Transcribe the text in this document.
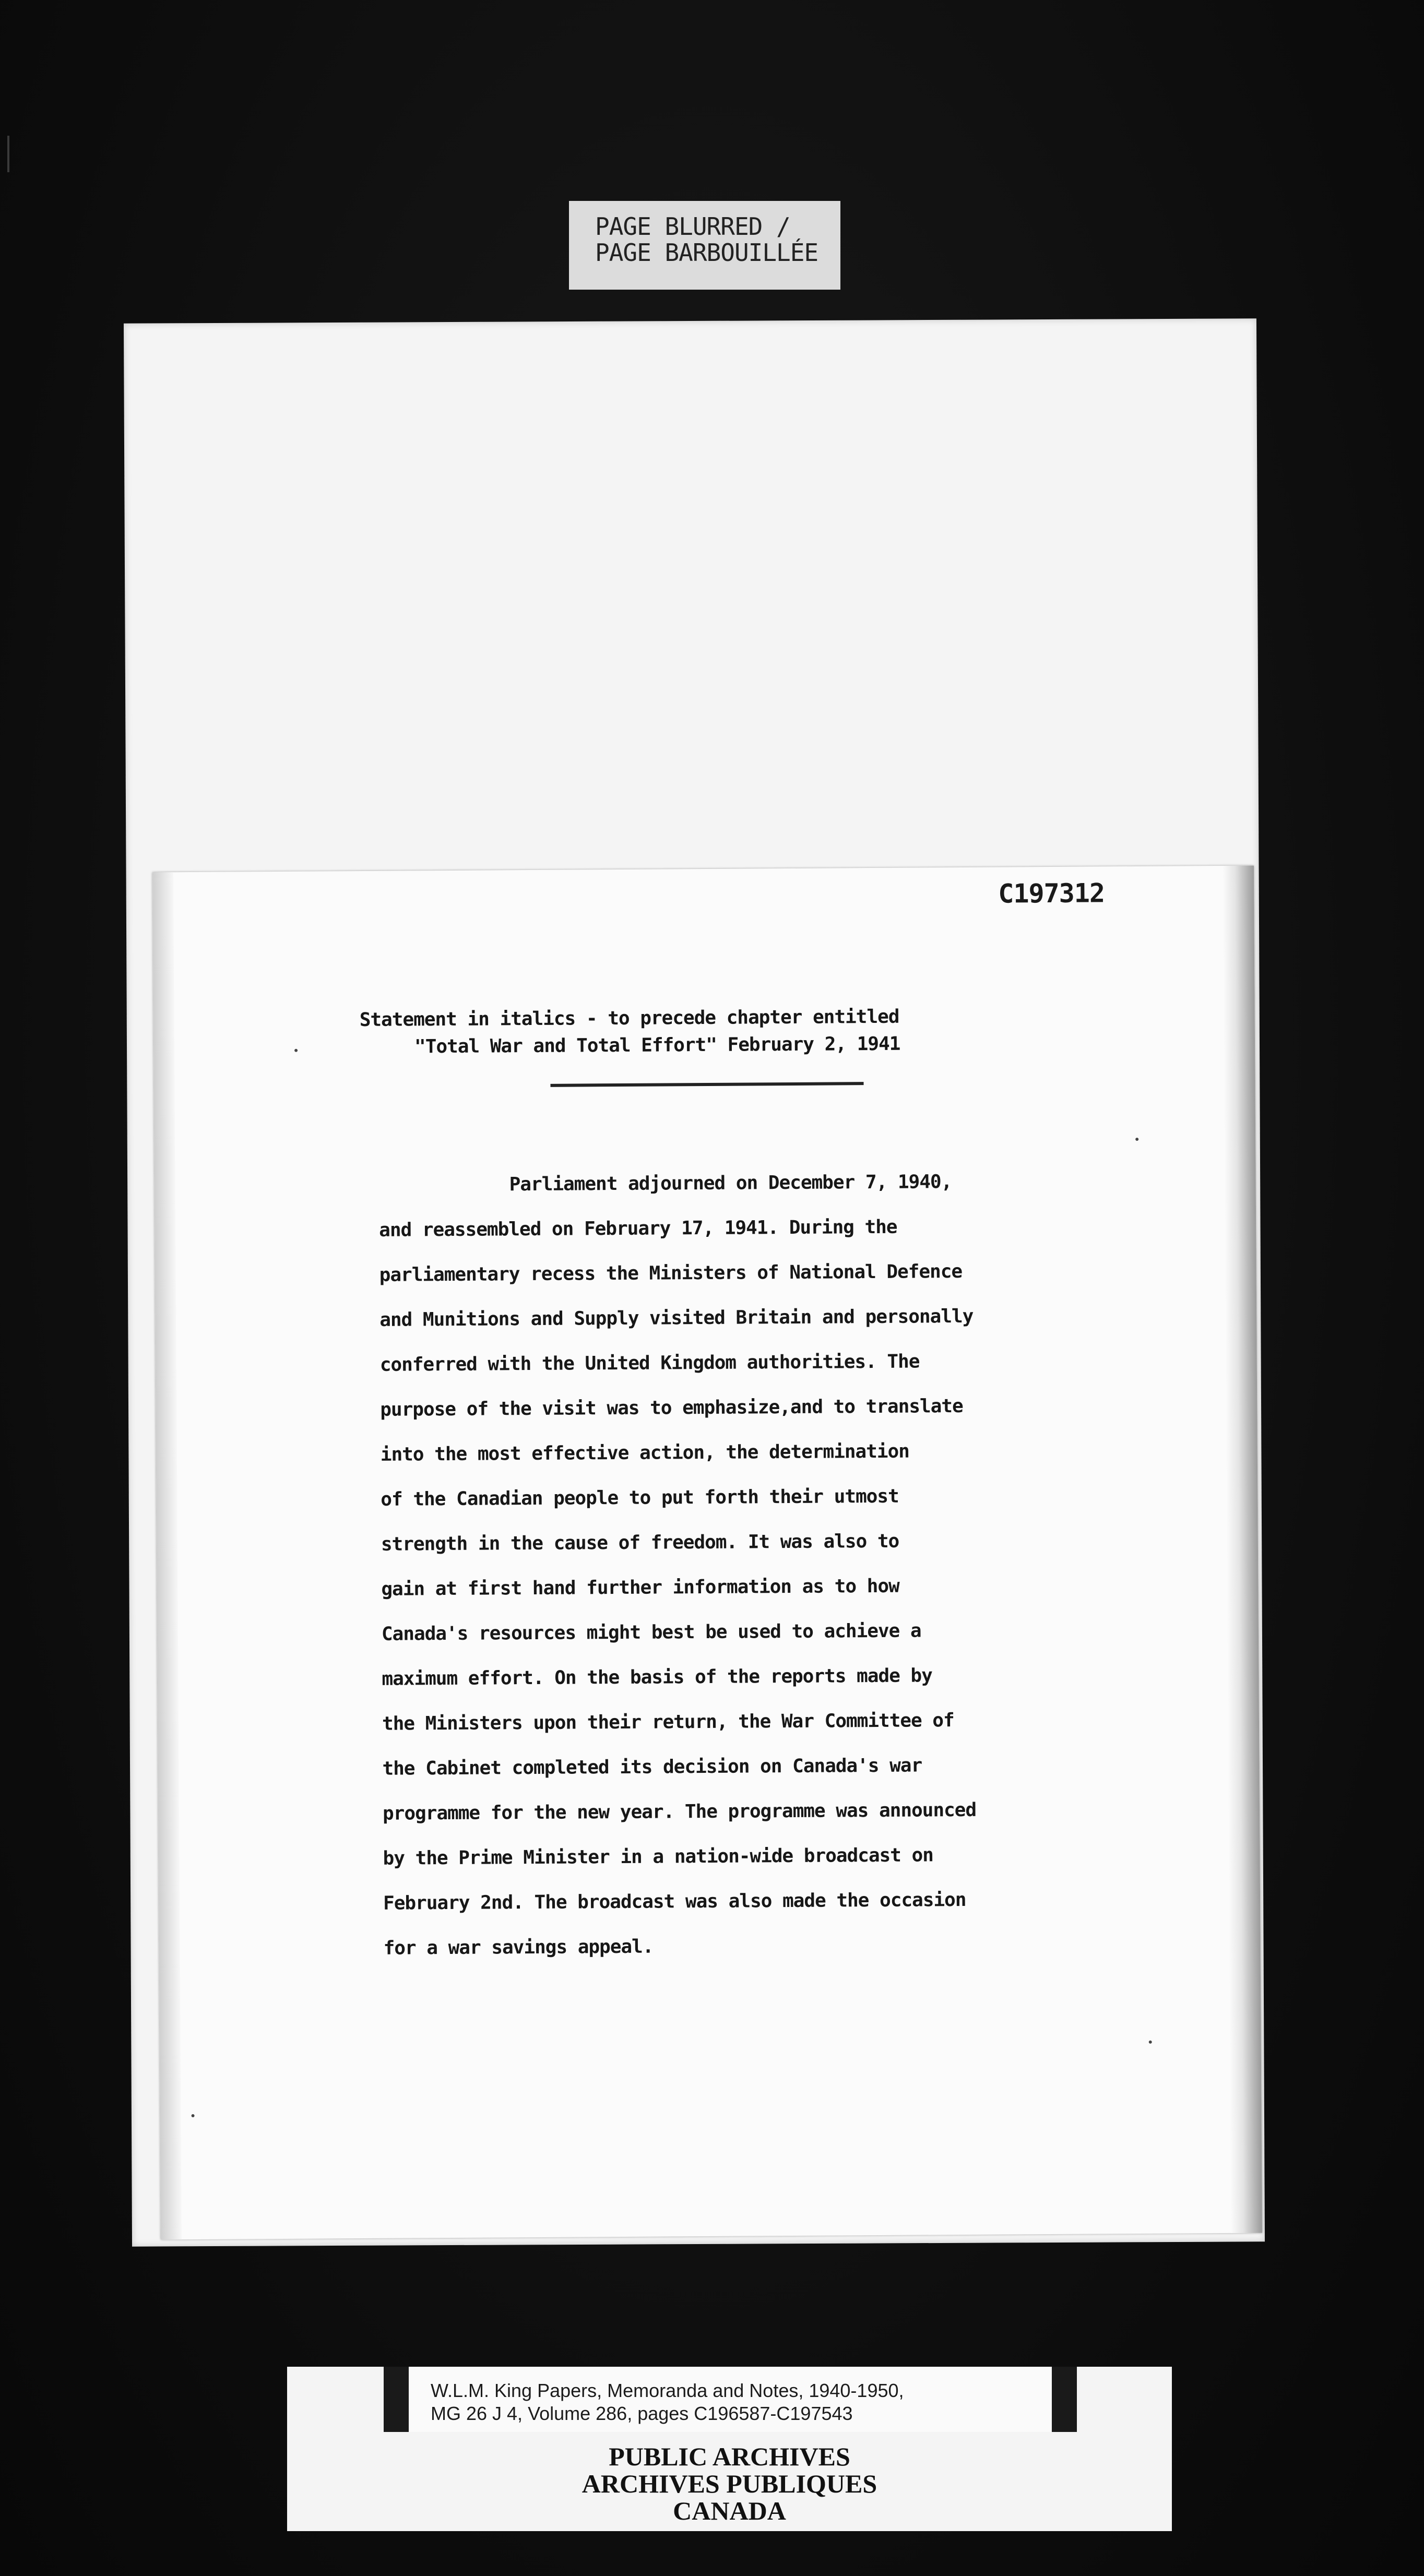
PAGE BLURRED /
PAGE BARBOUILLÉE
C197312
Statement in italics - to precede chapter entitled
"Total War and Total Effort" February 2, 1941
Parliament adjourned on December 7, 1940,
and reassembled on February 17, 1941. During the
parliamentary recess the Ministers of National Defence
and Munitions and Supply visited Britain and personally
conferred with the United Kingdom authorities. The
purpose of the visit was to emphasize,and to translate
into the most effective action, the determination
of the Canadian people to put forth their utmost
strength in the cause of freedom. It was also to
gain at first hand further information as to how
Canada's resources might best be used to achieve a
maximum effort. On the basis of the reports made by
the Ministers upon their return, the War Committee of
the Cabinet completed its decision on Canada's war
programme for the new year. The programme was announced
by the Prime Minister in a nation-wide broadcast on
February 2nd. The broadcast was also made the occasion
for a war savings appeal.
W.L.M. King Papers, Memoranda and Notes, 1940-1950,
MG 26 J 4, Volume 286, pages C196587-C197543
PUBLIC ARCHIVES
ARCHIVES PUBLIQUES
CANADA
